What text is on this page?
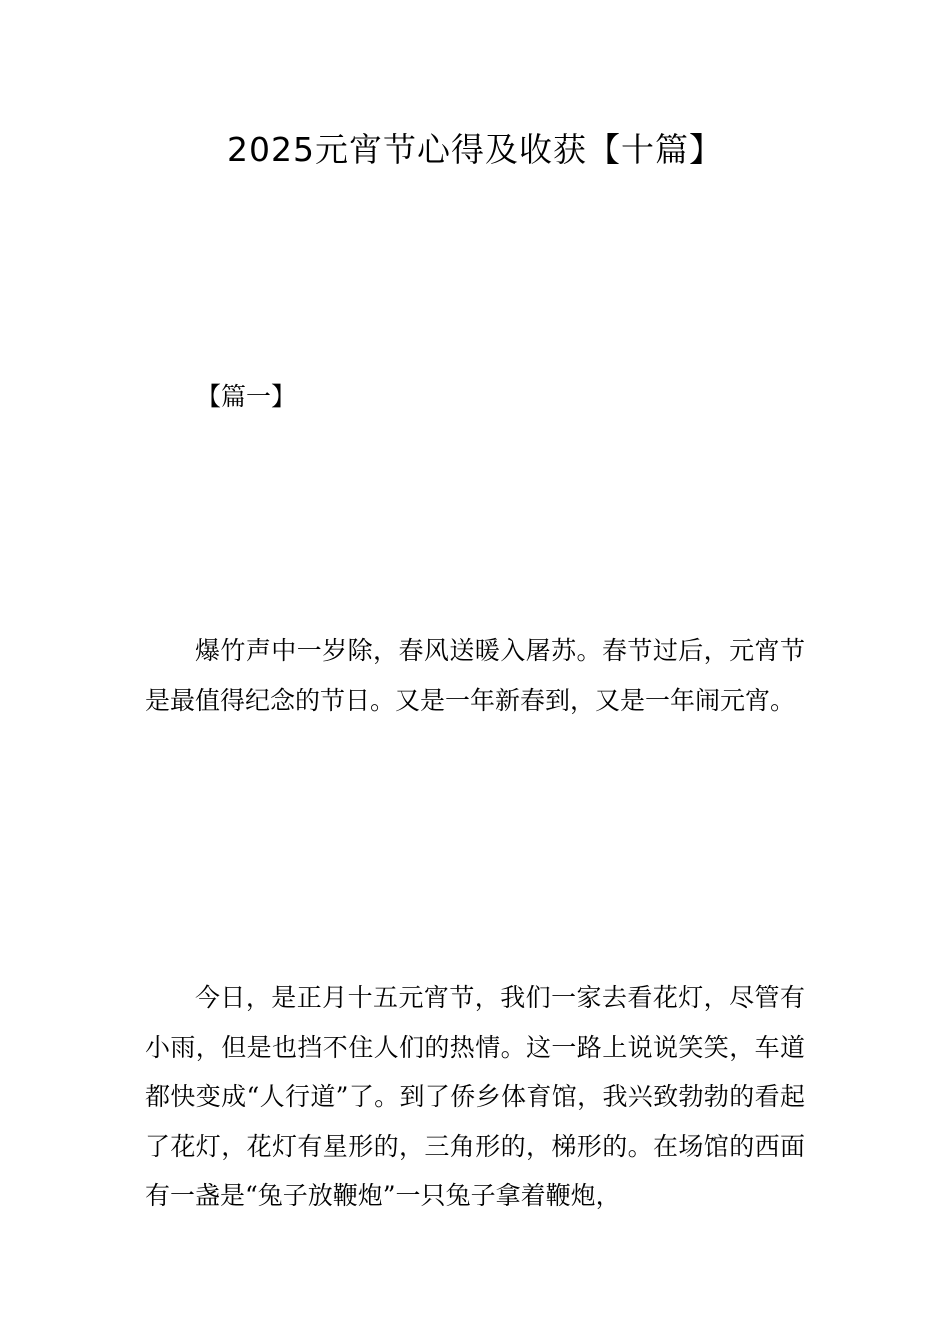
2025元宵节心得及收获【十篇】
【篇一】

爆竹声中一岁除，春风送暖入屠苏。春节过后，元宵节是最值得纪念的节日。又是一年新春到，又是一年闹元宵。

今日，是正月十五元宵节，我们一家去看花灯，尽管有小雨，但是也挡不住人们的热情。这一路上说说笑笑，车道都快变成“人行道”了。到了侨乡体育馆，我兴致勃勃的看起了花灯，花灯有星形的，三角形的，梯形的。在场馆的西面有一盏是“兔子放鞭炮”一只兔子拿着鞭炮，
